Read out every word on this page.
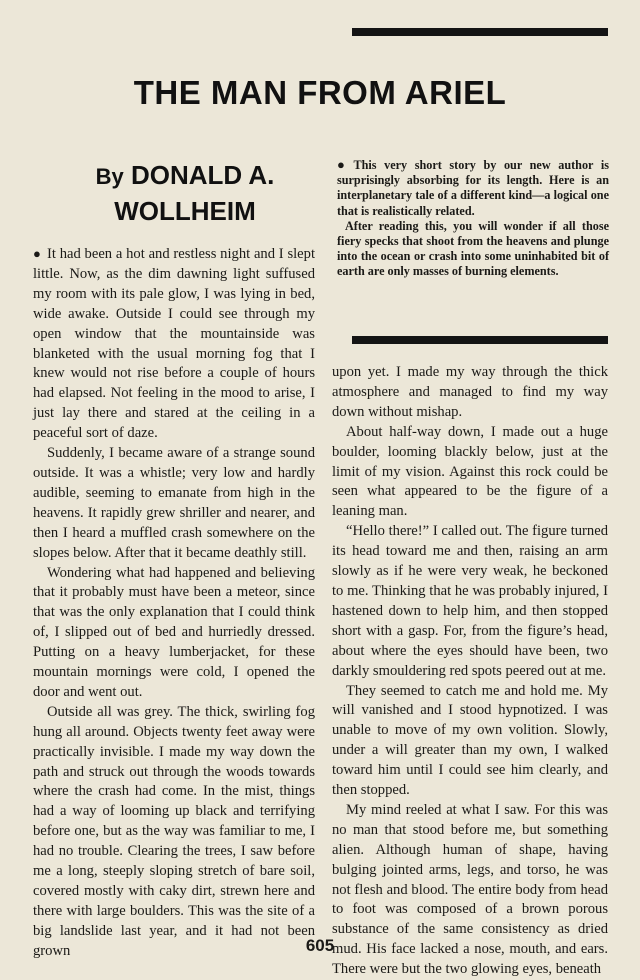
THE MAN FROM ARIEL
By DONALD A. WOLLHEIM

● This very short story by our new author is surprisingly absorbing for its length. Here is an interplanetary tale of a different kind—a logical one that is realistically related.

After reading this, you will wonder if all those fiery specks that shoot from the heavens and plunge into the ocean or crash into some uninhabited bit of earth are only masses of burning elements.

● It had been a hot and restless night and I slept little. Now, as the dim dawning light suffused my room with its pale glow, I was lying in bed, wide awake. Outside I could see through my open window that the mountainside was blanketed with the usual morning fog that I knew would not rise before a couple of hours had elapsed. Not feeling in the mood to arise, I just lay there and stared at the ceiling in a peaceful sort of daze.

Suddenly, I became aware of a strange sound outside. It was a whistle; very low and hardly audible, seeming to emanate from high in the heavens. It rapidly grew shriller and nearer, and then I heard a muffled crash somewhere on the slopes below. After that it became deathly still.

Wondering what had happened and believing that it probably must have been a meteor, since that was the only explanation that I could think of, I slipped out of bed and hurriedly dressed. Putting on a heavy lumberjacket, for these mountain mornings were cold, I opened the door and went out.

Outside all was grey. The thick, swirling fog hung all around. Objects twenty feet away were practically invisible. I made my way down the path and struck out through the woods towards where the crash had come. In the mist, things had a way of looming up black and terrifying before one, but as the way was familiar to me, I had no trouble. Clearing the trees, I saw before me a long, steeply sloping stretch of bare soil, covered mostly with caky dirt, strewn here and there with large boulders. This was the site of a big landslide last year, and it had not been grown

upon yet. I made my way through the thick atmosphere and managed to find my way down without mishap.

About half-way down, I made out a huge boulder, looming blackly below, just at the limit of my vision. Against this rock could be seen what appeared to be the figure of a leaning man.

“Hello there!” I called out. The figure turned its head toward me and then, raising an arm slowly as if he were very weak, he beckoned to me. Thinking that he was probably injured, I hastened down to help him, and then stopped short with a gasp. For, from the figure’s head, about where the eyes should have been, two darkly smouldering red spots peered out at me.

They seemed to catch me and hold me. My will vanished and I stood hypnotized. I was unable to move of my own volition. Slowly, under a will greater than my own, I walked toward him until I could see him clearly, and then stopped.

My mind reeled at what I saw. For this was no man that stood before me, but something alien. Although human of shape, having bulging jointed arms, legs, and torso, he was not flesh and blood. The entire body from head to foot was composed of a brown porous substance of the same consistency as dried mud. His face lacked a nose, mouth, and ears. There were but the two glowing eyes, beneath

605
